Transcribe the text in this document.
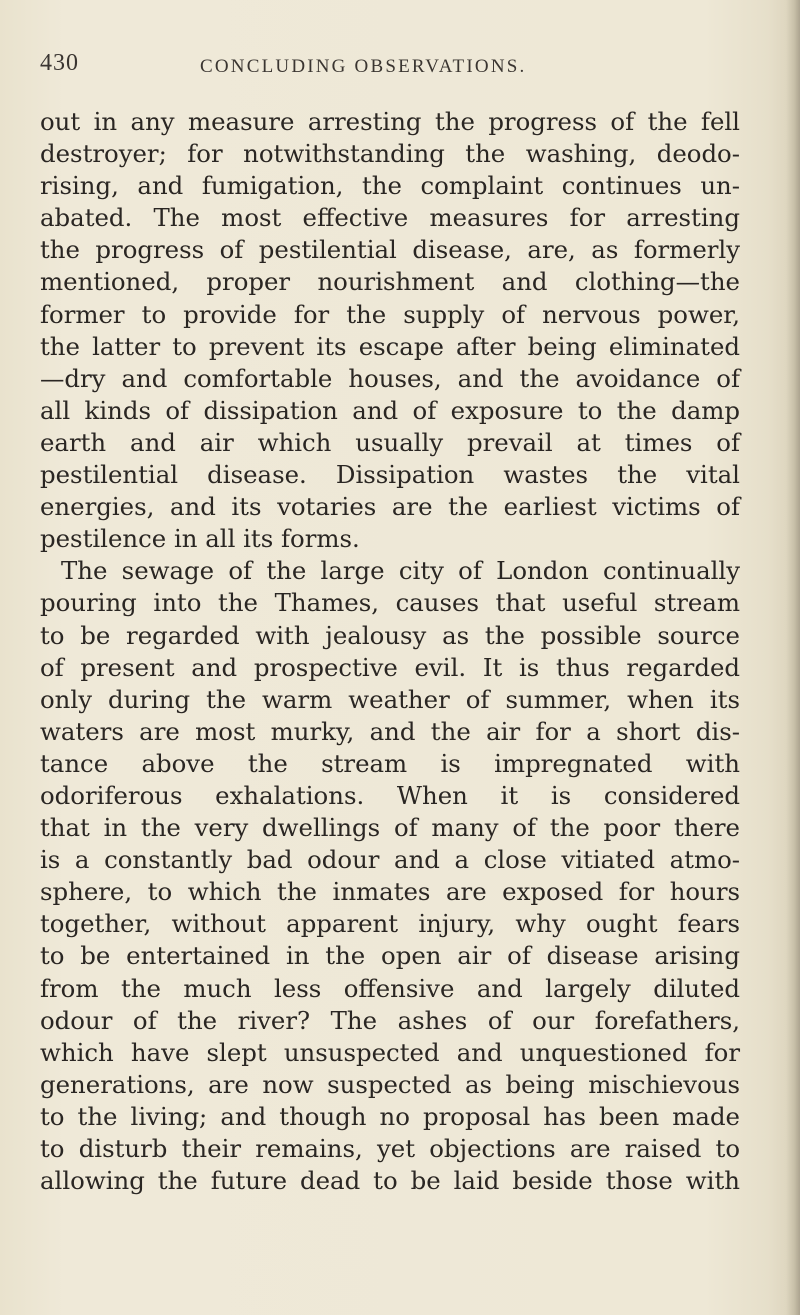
430	CONCLUDING OBSERVATIONS.
out in any measure arresting the progress of the fell
destroyer; for notwithstanding the washing, deodo-
rising, and fumigation, the complaint continues un-
abated. The most effective measures for arresting
the progress of pestilential disease, are, as formerly
mentioned, proper nourishment and clothing—the
former to provide for the supply of nervous power,
the latter to prevent its escape after being eliminated
—dry and comfortable houses, and the avoidance of
all kinds of dissipation and of exposure to the damp
earth and air which usually prevail at times of
pestilential disease. Dissipation wastes the vital
energies, and its votaries are the earliest victims of
pestilence in all its forms.
The sewage of the large city of London continually
pouring into the Thames, causes that useful stream
to be regarded with jealousy as the possible source
of present and prospective evil. It is thus regarded
only during the warm weather of summer, when its
waters are most murky, and the air for a short dis-
tance above the stream is impregnated with
odoriferous exhalations. When it is considered
that in the very dwellings of many of the poor there
is a constantly bad odour and a close vitiated atmo-
sphere, to which the inmates are exposed for hours
together, without apparent injury, why ought fears
to be entertained in the open air of disease arising
from the much less offensive and largely diluted
odour of the river? The ashes of our forefathers,
which have slept unsuspected and unquestioned for
generations, are now suspected as being mischievous
to the living; and though no proposal has been made
to disturb their remains, yet objections are raised to
allowing the future dead to be laid beside those with
